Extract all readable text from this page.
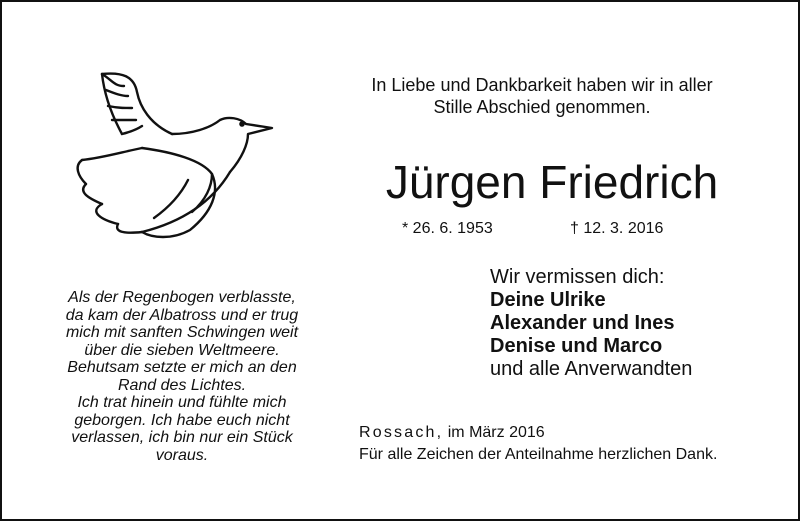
In Liebe und Dankbarkeit haben wir in aller
Stille Abschied genommen.
Jürgen Friedrich
* 26. 6. 1953	† 12. 3. 2016
Als der Regenbogen verblasste,
da kam der Albatross und er trug
mich mit sanften Schwingen weit
über die sieben Weltmeere.
Behutsam setzte er mich an den
Rand des Lichtes.
Ich trat hinein und fühlte mich
geborgen. Ich habe euch nicht
verlassen, ich bin nur ein Stück
voraus.
Wir vermissen dich:
Deine Ulrike
Alexander und Ines
Denise und Marco
und alle Anverwandten
Rossach, im März 2016
Für alle Zeichen der Anteilnahme herzlichen Dank.
